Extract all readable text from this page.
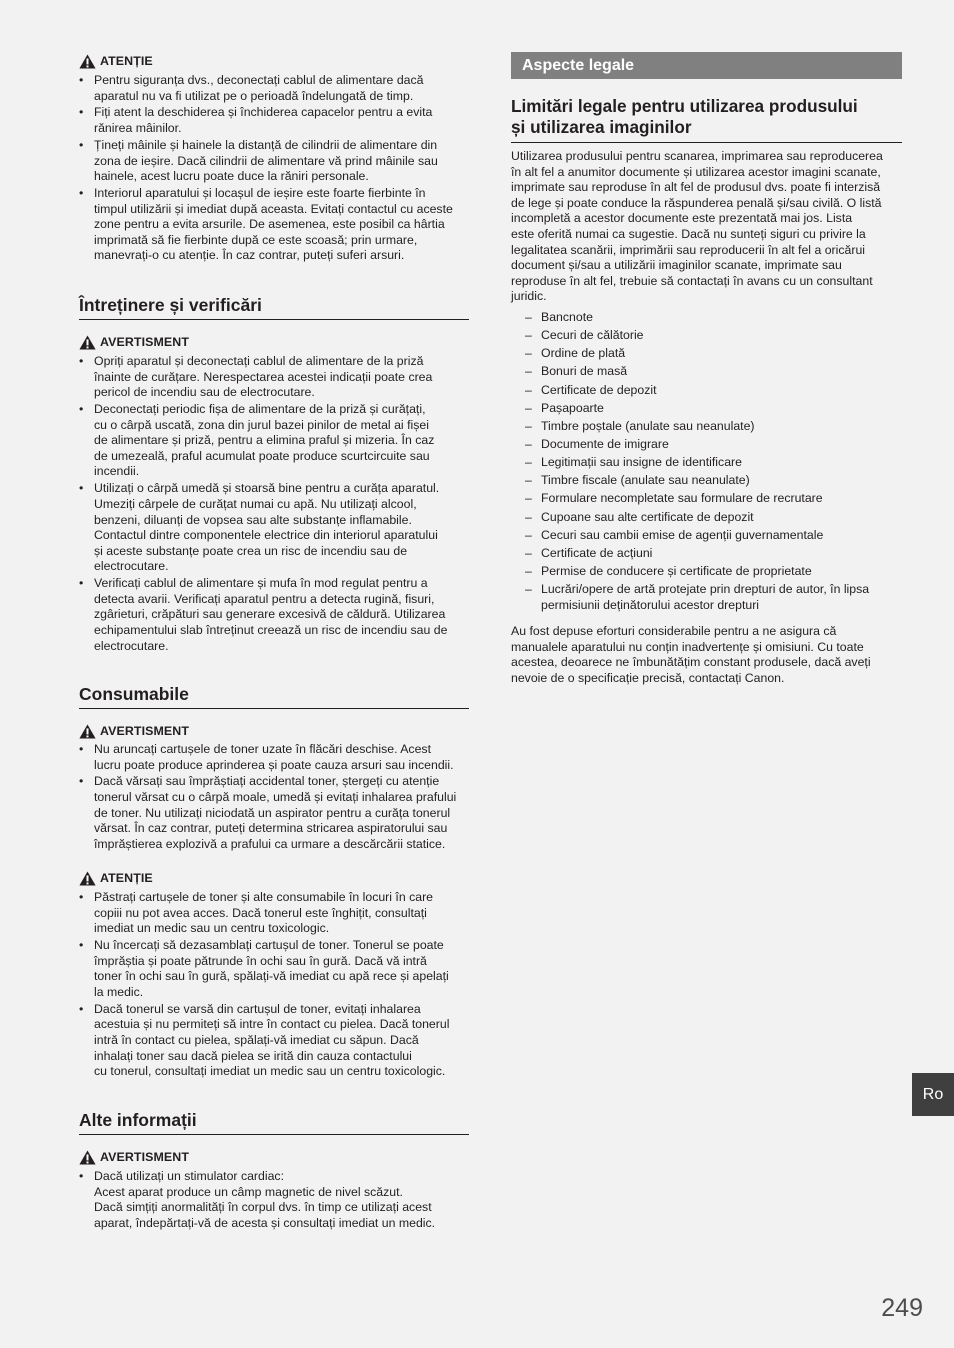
ATENȚIE
• Pentru siguranța dvs., deconectați cablul de alimentare dacă
aparatul nu va fi utilizat pe o perioadă îndelungată de timp.
• Fiți atent la deschiderea și închiderea capacelor pentru a evita
rănirea mâinilor.
• Țineți mâinile și hainele la distanță de cilindrii de alimentare din
zona de ieșire. Dacă cilindrii de alimentare vă prind mâinile sau
hainele, acest lucru poate duce la răniri personale.
• Interiorul aparatului și locașul de ieșire este foarte fierbinte în
timpul utilizării și imediat după aceasta. Evitați contactul cu aceste
zone pentru a evita arsurile. De asemenea, este posibil ca hârtia
imprimată să fie fierbinte după ce este scoasă; prin urmare,
manevrați-o cu atenție. În caz contrar, puteți suferi arsuri.
Întreținere și verificări
AVERTISMENT
• Opriți aparatul și deconectați cablul de alimentare de la priză
înainte de curățare. Nerespectarea acestei indicații poate crea
pericol de incendiu sau de electrocutare.
• Deconectați periodic fișa de alimentare de la priză și curățați,
cu o cârpă uscată, zona din jurul bazei pinilor de metal ai fișei
de alimentare și priză, pentru a elimina praful și mizeria. În caz
de umezeală, praful acumulat poate produce scurtcircuite sau
incendii.
• Utilizați o cârpă umedă și stoarsă bine pentru a curăța aparatul.
Umeziți cârpele de curățat numai cu apă. Nu utilizați alcool,
benzeni, diluanți de vopsea sau alte substanțe inflamabile.
Contactul dintre componentele electrice din interiorul aparatului
și aceste substanțe poate crea un risc de incendiu sau de
electrocutare.
• Verificați cablul de alimentare și mufa în mod regulat pentru a
detecta avarii. Verificați aparatul pentru a detecta rugină, fisuri,
zgârieturi, crăpături sau generare excesivă de căldură. Utilizarea
echipamentului slab întreținut creează un risc de incendiu sau de
electrocutare.
Consumabile
AVERTISMENT
• Nu aruncați cartușele de toner uzate în flăcări deschise. Acest
lucru poate produce aprinderea și poate cauza arsuri sau incendii.
• Dacă vărsați sau împrăștiați accidental toner, ștergeți cu atenție
tonerul vărsat cu o cârpă moale, umedă și evitați inhalarea prafului
de toner. Nu utilizați niciodată un aspirator pentru a curăța tonerul
vărsat. În caz contrar, puteți determina stricarea aspiratorului sau
împrăștierea explozivă a prafului ca urmare a descărcării statice.
ATENȚIE
• Păstrați cartușele de toner și alte consumabile în locuri în care
copiii nu pot avea acces. Dacă tonerul este înghițit, consultați
imediat un medic sau un centru toxicologic.
• Nu încercați să dezasamblați cartușul de toner. Tonerul se poate
împrăștia și poate pătrunde în ochi sau în gură. Dacă vă intră
toner în ochi sau în gură, spălați-vă imediat cu apă rece și apelați
la medic.
• Dacă tonerul se varsă din cartușul de toner, evitați inhalarea
acestuia și nu permiteți să intre în contact cu pielea. Dacă tonerul
intră în contact cu pielea, spălați-vă imediat cu săpun. Dacă
inhalați toner sau dacă pielea se irită din cauza contactului
cu tonerul, consultați imediat un medic sau un centru toxicologic.
Alte informații
AVERTISMENT
• Dacă utilizați un stimulator cardiac:
Acest aparat produce un câmp magnetic de nivel scăzut.
Dacă simțiți anormalități în corpul dvs. în timp ce utilizați acest
aparat, îndepărtați-vă de acesta și consultați imediat un medic.
Aspecte legale
Limitări legale pentru utilizarea produsului
și utilizarea imaginilor

Utilizarea produsului pentru scanarea, imprimarea sau reproducerea
în alt fel a anumitor documente și utilizarea acestor imagini scanate,
imprimate sau reproduse în alt fel de produsul dvs. poate fi interzisă
de lege și poate conduce la răspunderea penală și/sau civilă. O listă
incompletă a acestor documente este prezentată mai jos. Lista
este oferită numai ca sugestie. Dacă nu sunteți siguri cu privire la
legalitatea scanării, imprimării sau reproducerii în alt fel a oricărui
document și/sau a utilizării imaginilor scanate, imprimate sau
reproduse în alt fel, trebuie să contactați în avans cu un consultant
juridic.

– Bancnote
– Cecuri de călătorie
– Ordine de plată
– Bonuri de masă
– Certificate de depozit
– Pașapoarte
– Timbre poștale (anulate sau neanulate)
– Documente de imigrare
– Legitimații sau insigne de identificare
– Timbre fiscale (anulate sau neanulate)
– Formulare necompletate sau formulare de recrutare
– Cupoane sau alte certificate de depozit
– Cecuri sau cambii emise de agenții guvernamentale
– Certificate de acțiuni
– Permise de conducere și certificate de proprietate
– Lucrări/opere de artă protejate prin drepturi de autor, în lipsa
permisiunii deținătorului acestor drepturi

Au fost depuse eforturi considerabile pentru a ne asigura că
manualele aparatului nu conțin inadvertențe și omisiuni. Cu toate
acestea, deoarece ne îmbunătățim constant produsele, dacă aveți
nevoie de o specificație precisă, contactați Canon.

Ro
249
